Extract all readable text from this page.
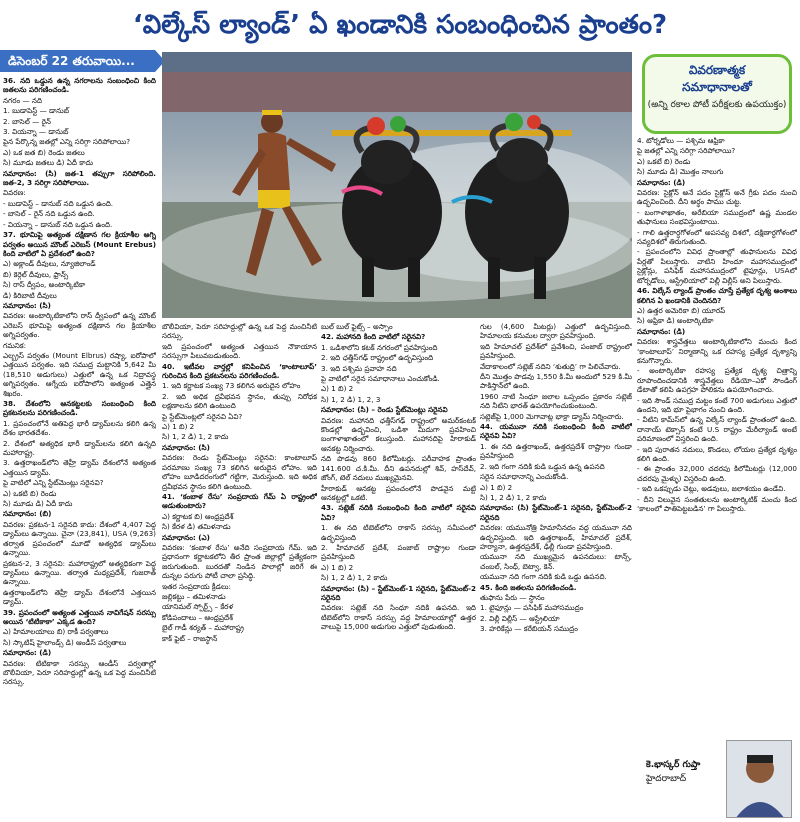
‘విల్కేస్ ల్యాండ్’ ఏ ఖండానికి సంబంధించిన ప్రాంతం?
డిసెంబర్ 22 తరువాయి...
వివరణాత్మక
సమాధానాలతో
(అన్ని రకాల పోటీ పరీక్షలకు ఉపయుక్తం)

36. నది ఒడ్డున ఉన్న నగరాలను సంబంధించి కింది జతలను పరిగణించండి.

నగరం — నది

1. బుడాపెస్ట్ — డానుబ్

2. బాసెల్ — రైన్

3. వియన్నా — డానుబ్

పైన పేర్కొన్న జతల్లో ఎన్ని సరిగ్గా సరిపోలాయి?

ఎ) ఒక జత బి) రెండు జతలు

సి) మూడు జతలు డి) ఏదీ కాదు

సమాధానం: (సి) జత-1 తప్పుగా సరిపోలింది. జత-2, 3 సరిగ్గా సరిపోలాయి.

వివరణ:

- బుడాపెస్ట్ – డానుబ్ నది ఒడ్డున ఉంది.

- బాసెల్ – రైన్ నది ఒడ్డున ఉంది.

- వియన్నా – డానుబ్ నది ఒడ్డున ఉంది.

37. భూమిపై అత్యంత దక్షిణాన గల క్రియాశీల అగ్ని పర్వతం అయిన మౌంట్ ఎరెబస్ (Mount Erebus) కింది వాటిలో ఏ ప్రదేశంలో ఉంది?

ఎ) అక్లాండ్ దీవులు, న్యూజిలాండ్

బి) కెర్గెల్ దీవులు, ఫ్రాన్స్

సి) రాస్ ద్వీపం, అంటార్కిటికా

డి) కిరిబాటి దీవులు

సమాధానం: (సి)

వివరణ: అంటార్కిటికాలోని రాస్ ద్వీపంలో ఉన్న మౌంట్ ఎరెబస్ భూమిపై అత్యంత దక్షిణాన గల క్రియాశీల అగ్నిపర్వతం.

గమనిక:

ఎల్బ్రస్ పర్వతం (Mount Elbrus) రష్యా, ఐరోపాలో ఎత్తయిన పర్వతం. ఇది సముద్ర మట్టానికి 5,642 మీ (18,510 అడుగులు) ఎత్తులో ఉన్న ఒక నిద్రావస్థ అగ్నిపర్వతం. ఆగ్నేయ ఐరోపాలోని అత్యంత ఎత్తైన శిఖరం.

38. దేశంలోని ఆనకట్టలకు సంబంధించి కింది ప్రకటనలను పరిగణించండి.

1. ప్రపంచంలోనే అతిపెద్ద భారీ డ్యామ్‌లను కలిగి ఉన్న దేశం భారతదేశం.

2. దేశంలో అత్యధిక భారీ డ్యామ్‌లను కలిగి ఉన్నది మహారాష్ట్ర.

3. ఉత్తరాఖండ్‌లోని తెహ్రీ డ్యామ్ దేశంలోనే అత్యంత ఎత్తయిన డ్యామ్.

పై వాటిలో ఎన్ని స్టేట్‌మెంట్లు సరైనవి?

ఎ) ఒకటి బి) రెండు

సి) మూడు డి) ఏదీ కాదు

సమాధానం: (బి)

వివరణ: ప్రకటన-1 సరైనది కాదు: దేశంలో 4,407 పెద్ద డ్యామ్‌లు ఉన్నాయి. చైనా (23,841), USA (9,263) తర్వాత ప్రపంచంలో మూడో అత్యధిక డ్యామ్‌లు ఉన్నాయి.

ప్రకటన-2, 3 సరైనవి: మహారాష్ట్రలో అత్యధికంగా పెద్ద డ్యామ్‌లు ఉన్నాయి. తర్వాత మధ్యప్రదేశ్, గుజరాత్ ఉన్నాయి.

ఉత్తరాఖండ్‌లోని తెహ్రీ డ్యామ్ దేశంలోనే ఎత్తయిన డ్యామ్.

39. ప్రపంచంలో అత్యంత ఎత్తయిన నావిగేషన్ సరస్సు అయిన ‘టిటికాకా’ ఎక్కడ ఉంది?

ఎ) హిమాలయాలు బి) రాకీ పర్వతాలు

సి) స్కాటిష్ హైలాండ్స్ డి) ఆండీస్ పర్వతాలు

సమాధానం: (డి)

వివరణ: టిటికాకా సరస్సు ఆండీస్ పర్వతాల్లో బొలీవియా, పెరూ సరిహద్దుల్లో ఉన్న ఒక పెద్ద మంచినీటి సరస్సు.

బొలీవియా, పెరూ సరిహద్దుల్లో ఉన్న ఒక పెద్ద మంచినీటి సరస్సు.

ఇది ప్రపంచంలో అత్యంత ఎత్తయిన నౌకాయాన సరస్సుగా పిలువబడుతుంది.

40. ఇటీవల వార్తల్లో కనిపించిన ‘కాంటాలూప్’ గురించిన కింది ప్రకటనలను పరిగణించండి.

1. ఇది కర్ణాటక సంఖ్య 73 కలిగిన అరుదైన లోహం

2. ఇది అధిక ద్రవీభవన స్థానం, తుప్పు నిరోధక లక్షణాలను కలిగి ఉంటుంది

పై స్టేట్‌మెంట్లలో సరైనవి ఏవి?

ఎ) 1 బి) 2

సి) 1, 2 డి) 1, 2 కాదు

సమాధానం: (సి)

వివరణ: రెండు స్టేట్‌మెంట్లు సరైనవి: కాంటాలూప్ పరమాణు సంఖ్య 73 కలిగిన అరుదైన లోహం. ఇది లోహం బూడిదరంగులో గట్టిగా, మెరుస్తుంది. ఇది అధిక ద్రవీభవన స్థానం కలిగి ఉంటుంది.

41. ‘కంబాళ రేసు’ సంప్రదాయ గేమ్ ఏ రాష్ట్రంలో ఆడుతుంటారు?

ఎ) కర్ణాటక బి) ఆంధ్రప్రదేశ్

సి) కేరళ డి) తమిళనాడు

సమాధానం: (ఎ)

వివరణ: ‘కంబాళ రేసు’ అనేది సంప్రదాయ గేమ్. ఇది ప్రధానంగా కర్ణాటకలోని తీర ప్రాంత జిల్లాల్లో ప్రత్యేకంగా జరుగుతుంది. బురదతో నిండిన పొలాల్లో జరిగే ఈ దున్నల పరుగు పోటీ చాలా ప్రసిద్ధి.

ఇతర సంప్రదాయ క్రీడలు:

జల్లికట్టు – తమిళనాడు

యానిమల్ స్పోర్ట్స్ – కేరళ

కోడిపందాలు – ఆంధ్రప్రదేశ్

బైల్ గాడీ శర్యత్ – మహారాష్ట్ర

కాక్ ఫైట్ – రాజస్థాన్

బుల్ బుల్ ఫైట్స్ – అస్సాం

42. మహానది కింది వాటిలో సరైనవి?

1. ఒడిశాలోని కటక్ నగరంలో ప్రవహిస్తుంది

2. ఇది ఛత్తీస్‌గఢ్ రాష్ట్రంలో ఉద్భవిస్తుంది

3. ఇది పశ్చిమ ప్రవాహ నది

పై వాటిలో సరైన సమాధానాలు ఎంచుకోండి.

ఎ) 1 బి) 2

సి) 1, 2 డి) 1, 2, 3

సమాధానం: (సి) – రెండు స్టేట్‌మెంట్లు సరైనవి

వివరణ: మహానది ఛత్తీస్‌గఢ్ రాష్ట్రంలో అమర్‌కంటక్ కొండల్లో ఉద్భవించి, ఒడిశా మీదుగా ప్రవహించి బంగాళాఖాతంలో కలుస్తుంది. మహానదిపై హిరాకుడ్ ఆనకట్ట నిర్మించారు.

నది పొడవు 860 కిలోమీటర్లు. పరీవాహక ప్రాంతం 141.600 చ.కి.మీ. దీని ఉపనదుల్లో శివ్, హస్‌దేవ్, జోంగ్, టెల్ నదులు ముఖ్యమైనవి.

హీరాకుడ్ ఆనకట్ట ప్రపంచంలోనే పొడవైన మట్టి ఆనకట్టల్లో ఒకటి.

43. సట్లెజ్ నదికి సంబంధించి కింది వాటిలో సరైనవి ఏవి?

1. ఈ నది టిబెట్‌లోని రాకాస్ సరస్సు సమీపంలో ఉద్భవిస్తుంది

2. హిమాచల్ ప్రదేశ్, పంజాబ్ రాష్ట్రాల గుండా ప్రవహిస్తుంది

ఎ) 1 బి) 2

సి) 1, 2 డి) 1, 2 కాదు

సమాధానం: (సి) – స్టేట్‌మెంట్-1 సరైనది, స్టేట్‌మెంట్-2 సరైనది

వివరణ: సట్లెజ్ నది సింధూ నదికి ఉపనది. ఇది టిబెట్‌లోని రాకాస్ సరస్సు వద్ద హిమాలయాల్లో ఉత్తర వాలుపై 15,000 అడుగుల ఎత్తులో పుడుతుంది.

గుల (4,600 మీటర్లు) ఎత్తులో ఉద్భవిస్తుంది. హిమాలయ కనుమల ద్వారా ప్రవహిస్తుంది.

ఇది హిమాచల్ ప్రదేశ్‌లో ప్రవేశించి, పంజాబ్ రాష్ట్రంలో ప్రవహిస్తుంది.

వేదాకాలంలో సట్లెజ్ నదిని ‘శుతుద్రి’ గా పిలిచేవారు.

దీని మొత్తం పొడవు 1,550 కి.మీ అందులో 529 కి.మీ పాకిస్తాన్‌లో ఉంది.

1960 నాటి సింధూ జలాల ఒప్పందం ప్రకారం సట్లెజ్ నది నీటిని భారత్ ఉపయోగించుకుంటుంది.

సట్లెజ్‌పై 1,000 మెగావాట్ల భాక్రా డ్యామ్ నిర్మించారు.

44. యమునా నదికి సంబంధించి కింది వాటిలో సరైనవి ఏవి?

1. ఈ నది ఉత్తరాఖండ్, ఉత్తరప్రదేశ్ రాష్ట్రాల గుండా ప్రవహిస్తుంది

2. ఇది గంగా నదికి కుడి ఒడ్డున ఉన్న ఉపనది

సరైన సమాధానాన్ని ఎంచుకోండి.

ఎ) 1 బి) 2

సి) 1, 2 డి) 1, 2 కాదు

సమాధానం: (సి) స్టేట్‌మెంట్-1 సరైనది, స్టేట్‌మెంట్-2 సరైనది

వివరణ: యమునోత్రి హిమానీనదం వద్ద యమునా నది ఉద్భవిస్తుంది. ఇది ఉత్తరాఖండ్, హిమాచల్ ప్రదేశ్, హర్యానా, ఉత్తరప్రదేశ్, ఢిల్లీ గుండా ప్రవహిస్తుంది.

యమునా నది ముఖ్యమైన ఉపనదులు: టాన్స్, చంబల్, సింధ్, బెట్వా, కెన్.

యమునా నది గంగా నదికి కుడి ఒడ్డు ఉపనది.

45. కింది జతలను పరిగణించండి.

తుఫాను పేరు — స్థానం

1. టైఫూన్లు — పసిఫిక్ మహాసముద్రం

2. విల్లీ విల్లీస్ — ఆస్ట్రేలియా

3. హరికేన్లు — కరేబియన్ సముద్రం

4. టోర్నడోలు — పశ్చిమ ఆఫ్రికా

పై జతల్లో ఎన్ని సరిగ్గా సరిపోలాయి?

ఎ) ఒకటే బి) రెండు

సి) మూడు డి) మొత్తం నాలుగు

సమాధానం: (డి)

వివరణ: సైక్లోన్ అనే పదం సైక్లోస్ అనే గ్రీకు పదం నుంచి ఉద్భవించింది. దీని అర్థం పాము చుట్ట.

- బంగాళాఖాతం, అరేబియా సముద్రంలో ఉష్ణ మండల తుఫానులు సంభవిస్తుంటాయి.

- గాలి ఉత్తరార్ధగోళంలో అపసవ్య దిశలో, దక్షిణార్ధగోళంలో సవ్యదిశలో తిరుగుతుంది.

- ప్రపంచంలోని వివిధ ప్రాంతాల్లో తుఫానులను వివిధ పేర్లతో పిలుస్తారు. వాటిని హిందూ మహాసముద్రంలో సైక్లోన్లు, పసిఫిక్ మహాసముద్రంలో టైఫూన్లు, USAలో టోర్నడోలు, ఆస్ట్రేలియాలో విల్లీ విల్లీస్ అని పిలుస్తారు.

46. విల్కేస్ ల్యాండ్ ప్రాంతం చూస్తే ప్రత్యేక దృశ్య అంశాలు కలిగిన ఏ ఖండానికి చెందినది?

ఎ) ఉత్తర అమెరికా బి) యూరప్

సి) ఆఫ్రికా డి) అంటార్కిటికా

సమాధానం: (డి)

వివరణ: శాస్త్రవేత్తలు అంటార్కిటికాలోని మంచు కింద ‘కాంటాలూప్’ నిర్మాణాన్ని ఒక రహస్య ప్రత్యేక దృశ్యాన్ని కనుగొన్నారు.

- అంటార్కిటికా రహస్య ప్రత్యేక దృశ్య చిత్రాన్ని రూపొందించడానికి శాస్త్రవేత్తలు రేడియో–ఎకో సౌండింగ్ డేటాతో కలిపి ఉపగ్రహ పోలికను ఉపయోగించారు.

- ఇది సౌండ్ సముద్ర మట్టం కంటే 700 అడుగులు ఎత్తులో ఉందని, ఇది భూ పైభాగం నుంచి ఉంది.

- వీటిని కామ్‌స్‌లో ఉన్న విల్కేస్ ల్యాండ్ ప్రాంతంలో ఉంది. దానాయ్ టెక్సాస్ కంటే U.S రాష్ట్రం మేరీల్యాండ్ అంటే పరిమాణంలో విస్తరించి ఉంది.

- ఇది పురాతన నదులు, కొండలు, లోయల ప్రత్యేక దృశ్యం కలిగి ఉంది.

- ఈ ప్రాంతం 32,000 చదరపు కిలోమీటర్లు (12,000 చదరపు మైళ్ళు) విస్తరించి ఉంది.

- ఇది ఒకప్పుడు చెట్లు, అడవులు, జలాశయం ఉండేవి.

- దీని విలువైన సంతతులను అంటార్కిటిక్ మంచు కింద ‘కాలంలో పాతిపెట్టబడిన’ గా పిలుస్తారు.

కె.భాస్కర్ గుప్తా
హైదరాబాద్
